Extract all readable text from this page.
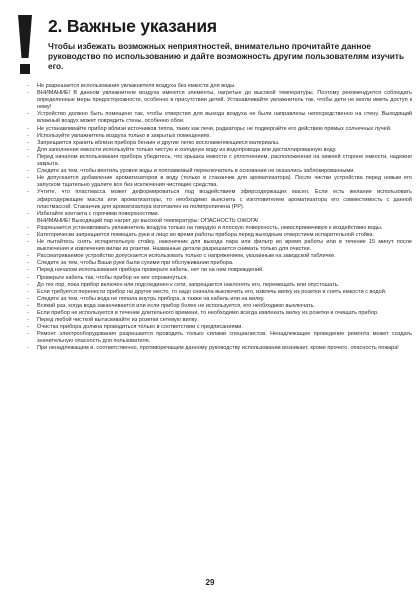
2. Важные указания
Чтобы избежать возможных неприятностей, внимательно прочитайте данное руководство по использованию и дайте возможность другим пользователям изучить его.
- Не разрешается использование увлажнителя воздуха без емкости для воды.
- ВНИМАНИЕ! В данном увлажнителе воздуха имеются элементы, нагретые до высокой температуры. Поэтому рекомендуется соблюдать определенные меры предосторожности, особенно в присутствии детей. Устанавливайте увлажнитель так, чтобы дети не могли иметь доступ к нему!
- Устройство должно быть помещено так, чтобы отверстия для выхода воздуха не были направлены непосредственно на стену. Выходящий влажный воздух может повредить стены, особенно обои.
- Не устанавливайте прибор вблизи источников тепла, таких как печи, радиаторы; не подвергайте его действию прямых солнечных лучей.
- Используйте увлажнитель воздуха только в закрытых помещениях.
- Запрещается хранить вблизи прибора бензин и другие легко воспламеняющиеся материалы.
- Для заполнения емкости используйте только чистую и холодную воду из водопровода или дистиллированную воду.
- Перед началом использования прибора убедитесь, что крышка емкости с уплотнением, расположенная на нижней стороне емкости, надежно закрыта.
- Следите за тем, чтобы вентиль уровня воды и поплавковый переключатель в основании не оказались заблокированными.
- Не допускается добавление ароматизаторов в воду (только в стаканчик для ароматизатора). После чистки устройства перед новым его запуском тщательно удалите все без исключения чистящие средства.
- Учтите, что пластмасса может деформироваться под воздействием эфирсодержащих масел. Если есть желание использовать эфирсодержащие масла или ароматизаторы, то необходимо выяснить с изготовителем ароматизатора его совместимость с данной пластмассой. Стаканчик для ароматизатора изготовлен из полипропилена (PP).
- Избегайте контакта с горячими поверхностями.
ВНИМАНИЕ! Выходящий пар нагрет до высокой температуры: ОПАСНОСТЬ ОЖОГА!
- Разрешается устанавливать увлажнитель воздуха только на твердую и плоскую поверхность, невосприимчивую к воздействию воды.
- Категорически запрещается помещать руки и лицо во время работы прибора перед выходным отверстием испарительной стойки.
- Не пытайтесь снять испарительную стойку, наконечник для выхода пара или фильтр во время работы или в течение 15 минут после выключения и извлечения вилки из розетки. Названные детали разрешается снимать только для очистки.
- Рассматриваемое устройство допускается использовать только с напряжением, указанным на заводской табличке.
- Следите за тем, чтобы Ваши руки были сухими при обслуживании прибора.
- Перед началом использования прибора проверьте кабель, нет ли на нем повреждений.
- Проверьте кабель так, чтобы прибор не мог опрокинуться.
- До тех пор, пока прибор включен или подсоединен к сети, запрещается наклонять его, перемещать или опустошать.
- Если требуется перенести прибор на другое место, то надо сначала выключить его, извлечь вилку из розетки и снять емкости с водой.
- Следите за тем, чтобы вода не попала внутрь прибора, а также на кабель или на вилку.
- Всякий раз, когда вода заканчивается или если прибор более не используется, его необходимо выключать.
- Если прибор не используется в течение длительного времени, то необходимо всегда извлекать вилку из розетки и очищать прибор.
- Перед любой чисткой вытаскивайте из розетки сетевую вилку.
- Очистка прибора должна проводиться только в соответствии с предписаниями.
- Ремонт электрооборудования разрешается проводить только силами специалистов. Ненадлежащее проведение ремонта может создать значительную опасность для пользователя.
- При ненадлежащем и, соответственно, противоречащем данному руководству использовании возникает, кроме прочего, опасность пожара!
29
